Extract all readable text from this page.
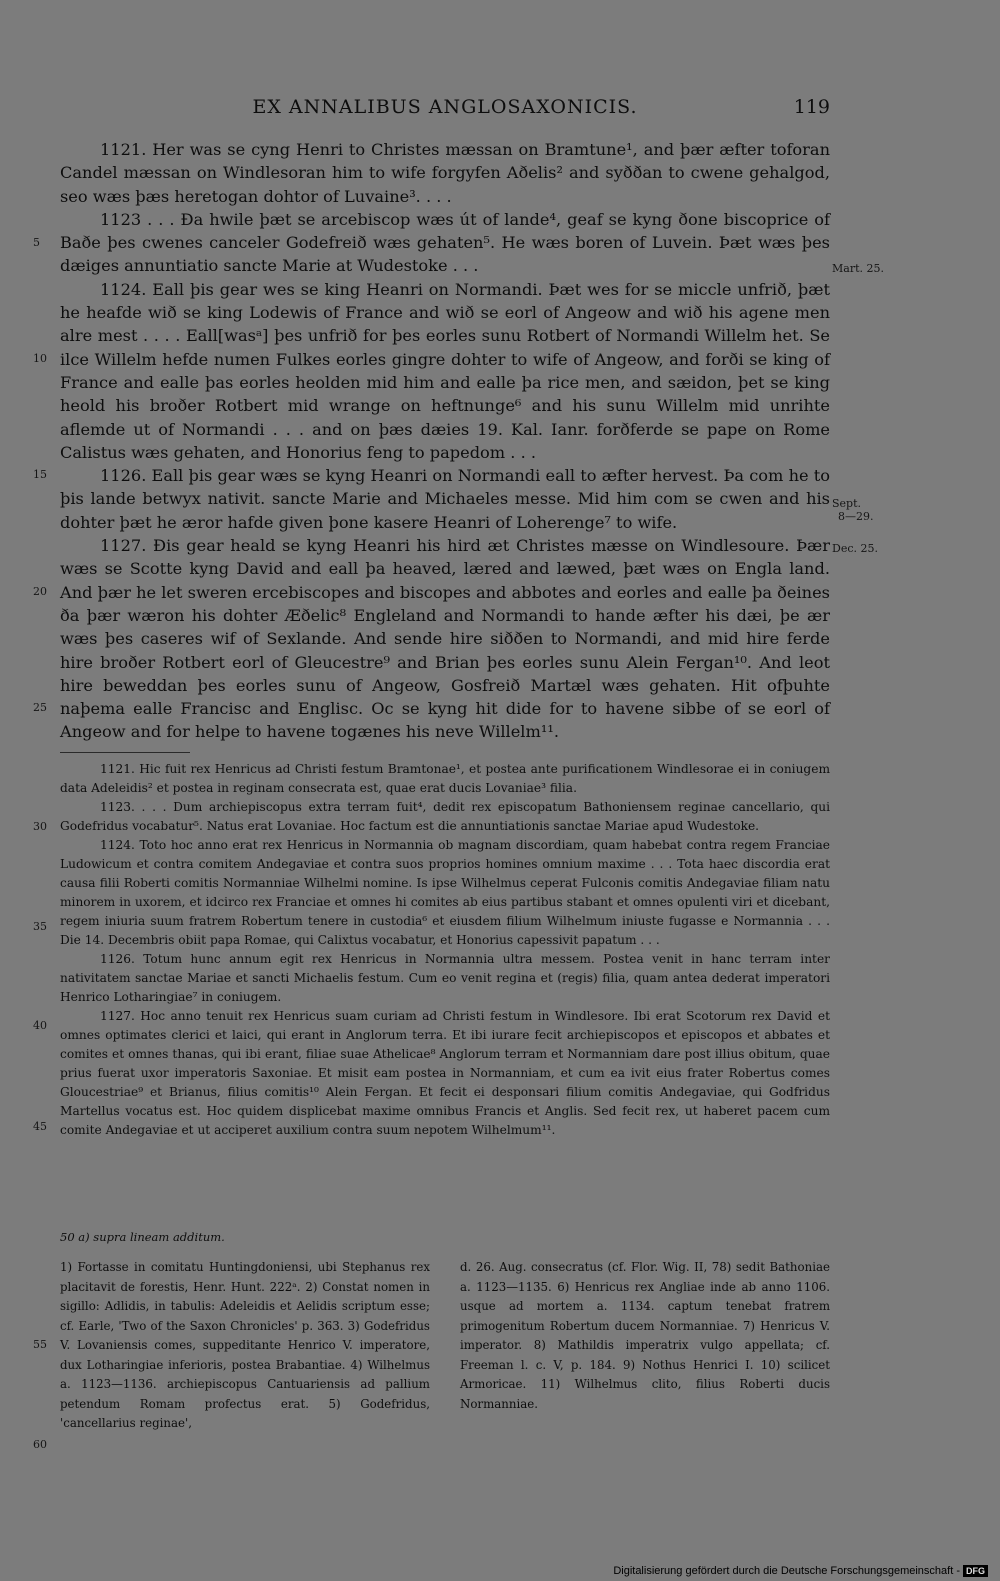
EX ANNALIBUS ANGLOSAXONICIS.	119

1121. Her was se cyng Henri to Christes mæssan on Bramtune¹, and þær æfter toforan Candel mæssan on Windlesoran him to wife forgyfen Aðelis² and syððan to cwene gehalgod, seo wæs þæs heretogan dohtor of Luvaine³. . . .

1123 . . . Ða hwile þæt se arcebiscop wæs út of lande⁴, geaf se kyng ðone biscoprice of Baðe þes cwenes canceler Godefreið wæs gehaten⁵. He wæs boren of Luvein. Þæt wæs þes dæiges annuntiatio sancte Marie at Wudestoke . . .

1124. Eall þis gear wes se king Heanri on Normandi. Þæt wes for se miccle unfrið, þæt he heafde wið se king Lodewis of France and wið se eorl of Angeow and wið his agene men alre mest . . . . Eall[wasᵃ] þes unfrið for þes eorles sunu Rotbert of Normandi Willelm het. Se ilce Willelm hefde numen Fulkes eorles gingre dohter to wife of Angeow, and forði se king of France and ealle þas eorles heolden mid him and ealle þa rice men, and sæidon, þet se king heold his broðer Rotbert mid wrange on heftnunge⁶ and his sunu Willelm mid unrihte aflemde ut of Normandi . . . and on þæs dæies 19. Kal. Ianr. forðferde se pape on Rome Calistus wæs gehaten, and Honorius feng to papedom . . .

1126. Eall þis gear wæs se kyng Heanri on Normandi eall to æfter hervest. Þa com he to þis lande betwyx nativit. sancte Marie and Michaeles messe. Mid him com se cwen and his dohter þæt he æror hafde given þone kasere Heanri of Loherenge⁷ to wife.

1127. Ðis gear heald se kyng Heanri his hird æt Christes mæsse on Windlesoure. Þær wæs se Scotte kyng David and eall þa heaved, læred and læwed, þæt wæs on Engla land. And þær he let sweren ercebiscopes and biscopes and abbotes and eorles and ealle þa ðeines ða þær wæron his dohter Æðelic⁸ Engleland and Normandi to hande æfter his dæi, þe ær wæs þes caseres wif of Sexlande. And sende hire siððen to Normandi, and mid hire ferde hire broðer Rotbert eorl of Gleucestre⁹ and Brian þes eorles sunu Alein Fergan¹⁰. And leot hire beweddan þes eorles sunu of Angeow, Gosfreið Martæl wæs gehaten. Hit ofþuhte naþema ealle Francisc and Englisc. Oc se kyng hit dide for to havene sibbe of se eorl of Angeow and for helpe to havene togænes his neve Willelm¹¹.

Mart. 25.
Sept.
8—29.
Dec. 25.
5
10
15
20
25
30
35
40
45
55
60

1121. Hic fuit rex Henricus ad Christi festum Bramtonae¹, et postea ante purificationem Windlesorae ei in coniugem data Adeleidis² et postea in reginam consecrata est, quae erat ducis Lovaniae³ filia.

1123. . . . Dum archiepiscopus extra terram fuit⁴, dedit rex episcopatum Bathoniensem reginae cancellario, qui Godefridus vocabatur⁵. Natus erat Lovaniae. Hoc factum est die annuntiationis sanctae Mariae apud Wudestoke.

1124. Toto hoc anno erat rex Henricus in Normannia ob magnam discordiam, quam habebat contra regem Franciae Ludowicum et contra comitem Andegaviae et contra suos proprios homines omnium maxime . . . Tota haec discordia erat causa filii Roberti comitis Normanniae Wilhelmi nomine. Is ipse Wilhelmus ceperat Fulconis comitis Andegaviae filiam natu minorem in uxorem, et idcirco rex Franciae et omnes hi comites ab eius partibus stabant et omnes opulenti viri et dicebant, regem iniuria suum fratrem Robertum tenere in custodia⁶ et eiusdem filium Wilhelmum iniuste fugasse e Normannia . . . Die 14. Decembris obiit papa Romae, qui Calixtus vocabatur, et Honorius capessivit papatum . . .

1126. Totum hunc annum egit rex Henricus in Normannia ultra messem. Postea venit in hanc terram inter nativitatem sanctae Mariae et sancti Michaelis festum. Cum eo venit regina et (regis) filia, quam antea dederat imperatori Henrico Lotharingiae⁷ in coniugem.

1127. Hoc anno tenuit rex Henricus suam curiam ad Christi festum in Windlesore. Ibi erat Scotorum rex David et omnes optimates clerici et laici, qui erant in Anglorum terra. Et ibi iurare fecit archiepiscopos et episcopos et abbates et comites et omnes thanas, qui ibi erant, filiae suae Athelicae⁸ Anglorum terram et Normanniam dare post illius obitum, quae prius fuerat uxor imperatoris Saxoniae. Et misit eam postea in Normanniam, et cum ea ivit eius frater Robertus comes Gloucestriae⁹ et Brianus, filius comitis¹⁰ Alein Fergan. Et fecit ei desponsari filium comitis Andegaviae, qui Godfridus Martellus vocatus est. Hoc quidem displicebat maxime omnibus Francis et Anglis. Sed fecit rex, ut haberet pacem cum comite Andegaviae et ut acciperet auxilium contra suum nepotem Wilhelmum¹¹.

50 a) supra lineam additum.
1) Fortasse in comitatu Huntingdoniensi, ubi Stephanus rex placitavit de forestis, Henr. Hunt. 222ᵃ. 2) Constat nomen in sigillo: Adlidis, in tabulis: Adeleidis et Aelidis scriptum esse; cf. Earle, 'Two of the Saxon Chronicles' p. 363. 3) Godefridus V. Lovaniensis comes, suppeditante Henrico V. imperatore, dux Lotharingiae inferioris, postea Brabantiae. 4) Wilhelmus a. 1123—1136. archiepiscopus Cantuariensis ad pallium petendum Romam profectus erat. 5) Godefridus, 'cancellarius reginae',
d. 26. Aug. consecratus (cf. Flor. Wig. II, 78) sedit Bathoniae a. 1123—1135. 6) Henricus rex Angliae inde ab anno 1106. usque ad mortem a. 1134. captum tenebat fratrem primogenitum Robertum ducem Normanniae. 7) Henricus V. imperator. 8) Mathildis imperatrix vulgo appellata; cf. Freeman l. c. V, p. 184. 9) Nothus Henrici I. 10) scilicet Armoricae. 11) Wilhelmus clito, filius Roberti ducis Normanniae.
Digitalisierung gefördert durch die Deutsche Forschungsgemeinschaft - DFG
